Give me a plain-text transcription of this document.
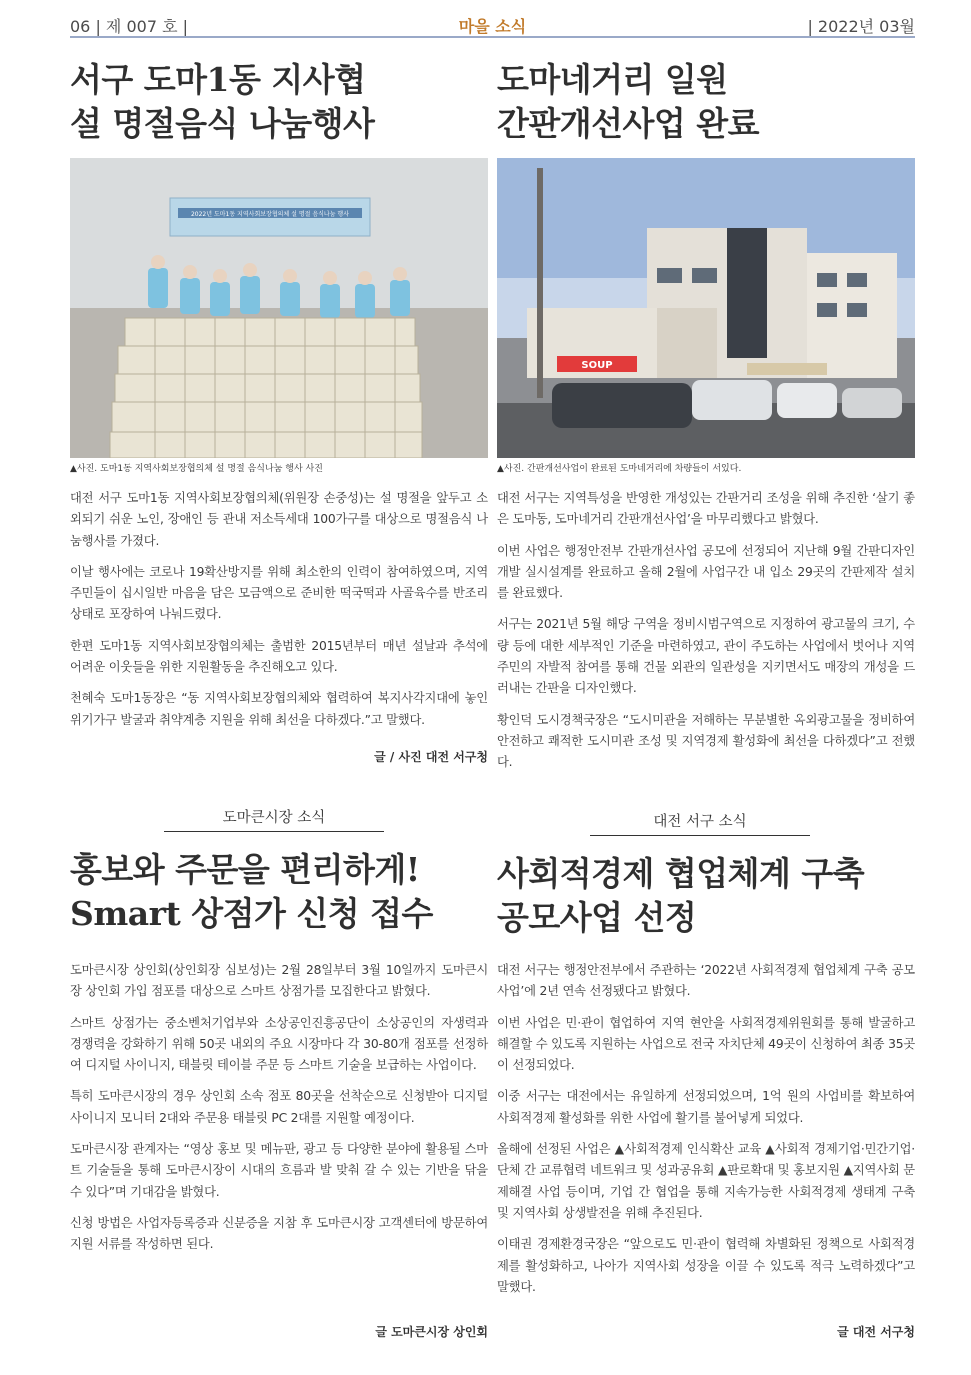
06 | 제 007 호 |	마을 소식	| 2022년 03월
서구 도마1동 지사협
설 명절음식 나눔행사
2022년 도마1동 지역사회보장협의체 설 명절 음식나눔 행사
▲사진. 도마1동 지역사회보장협의체 설 명절 음식나눔 행사 사진

대전 서구 도마1동 지역사회보장협의체(위원장 손중성)는 설 명절을 앞두고 소외되기 쉬운 노인, 장애인 등 관내 저소득세대 100가구를 대상으로 명절음식 나눔행사를 가졌다.

이날 행사에는 코로나 19확산방지를 위해 최소한의 인력이 참여하였으며, 지역주민들이 십시일반 마음을 담은 모금액으로 준비한 떡국떡과 사골육수를 반조리 상태로 포장하여 나눠드렸다.

한편 도마1동 지역사회보장협의체는 출범한 2015년부터 매년 설날과 추석에 어려운 이웃들을 위한 지원활동을 추진해오고 있다.

천혜숙 도마1동장은 “동 지역사회보장협의체와 협력하여 복지사각지대에 놓인 위기가구 발굴과 취약계층 지원을 위해 최선을 다하겠다.”고 말했다.

글 / 사진 대전 서구청
도마네거리 일원
간판개선사업 완료
SOUP
▲사진. 간판개선사업이 완료된 도마네거리에 차량들이 서있다.

대전 서구는 지역특성을 반영한 개성있는 간판거리 조성을 위해 추진한 ‘살기 좋은 도마동, 도마네거리 간판개선사업’을 마무리했다고 밝혔다.

이번 사업은 행정안전부 간판개선사업 공모에 선정되어 지난해 9월 간판디자인개발 실시설계를 완료하고 올해 2월에 사업구간 내 입소 29곳의 간판제작 설치를 완료했다.

서구는 2021년 5월 해당 구역을 정비시범구역으로 지정하여 광고물의 크기, 수량 등에 대한 세부적인 기준을 마련하였고, 관이 주도하는 사업에서 벗어나 지역주민의 자발적 참여를 통해 건물 외관의 일관성을 지키면서도 매장의 개성을 드러내는 간판을 디자인했다.

황인덕 도시경책국장은 “도시미관을 저해하는 무분별한 옥외광고물을 정비하여 안전하고 쾌적한 도시미관 조성 및 지역경제 활성화에 최선을 다하겠다”고 전했다.

도마큰시장 소식
홍보와 주문을 편리하게!
Smart 상점가 신청 접수

도마큰시장 상인회(상인회장 심보성)는 2월 28일부터 3월 10일까지 도마큰시장 상인회 가입 점포를 대상으로 스마트 상점가를 모집한다고 밝혔다.

스마트 상점가는 중소벤처기업부와 소상공인진흥공단이 소상공인의 자생력과 경쟁력을 강화하기 위해 50곳 내외의 주요 시장마다 각 30-80개 점포를 선정하여 디지털 사이니지, 태블릿 테이블 주문 등 스마트 기술을 보급하는 사업이다.

특히 도마큰시장의 경우 상인회 소속 점포 80곳을 선착순으로 신청받아 디지털 사이니지 모니터 2대와 주문용 태블릿 PC 2대를 지원할 예정이다.

도마큰시장 관계자는 “영상 홍보 및 메뉴판, 광고 등 다양한 분야에 활용될 스마트 기술들을 통해 도마큰시장이 시대의 흐름과 발 맞춰 갈 수 있는 기반을 닦을 수 있다”며 기대감을 밝혔다.

신청 방법은 사업자등록증과 신분증을 지참 후 도마큰시장 고객센터에 방문하여 지원 서류를 작성하면 된다.

글 도마큰시장 상인회
대전 서구 소식
사회적경제 협업체계 구축
공모사업 선정

대전 서구는 행정안전부에서 주관하는 ‘2022년 사회적경제 협업체계 구축 공모사업’에 2년 연속 선정됐다고 밝혔다.

이번 사업은 민·관이 협업하여 지역 현안을 사회적경제위원회를 통해 발굴하고 해결할 수 있도록 지원하는 사업으로 전국 자치단체 49곳이 신청하여 최종 35곳이 선정되었다.

이중 서구는 대전에서는 유일하게 선정되었으며, 1억 원의 사업비를 확보하여 사회적경제 활성화를 위한 사업에 활기를 불어넣게 되었다.

올해에 선정된 사업은 ▲사회적경제 인식확산 교육 ▲사회적 경제기업·민간기업·단체 간 교류협력 네트워크 및 성과공유회 ▲판로확대 및 홍보지원 ▲지역사회 문제해결 사업 등이며, 기업 간 협업을 통해 지속가능한 사회적경제 생태계 구축 및 지역사회 상생발전을 위해 추진된다.

이태권 경제환경국장은 “앞으로도 민·관이 협력해 차별화된 정책으로 사회적경제를 활성화하고, 나아가 지역사회 성장을 이끌 수 있도록 적극 노력하겠다”고 말했다.

글 대전 서구청
